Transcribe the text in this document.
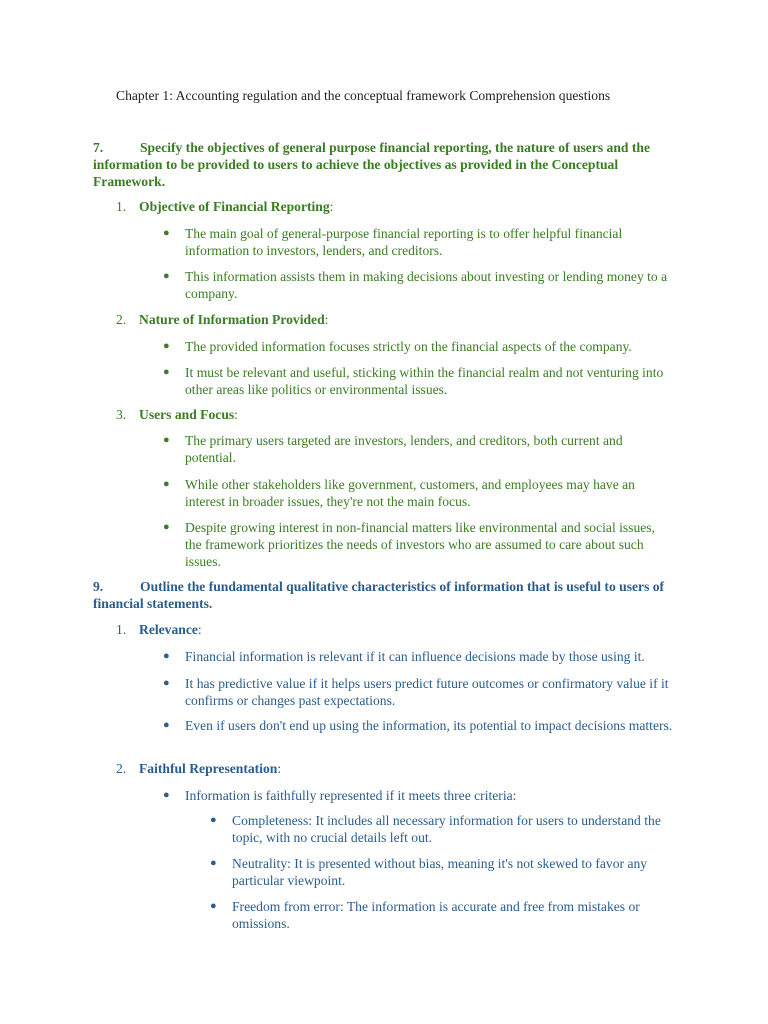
Chapter 1: Accounting regulation and the conceptual framework Comprehension questions
7.	Specify the objectives of general purpose financial reporting, the nature of users and the information to be provided to users to achieve the objectives as provided in the Conceptual Framework.
1. Objective of Financial Reporting:
●	The main goal of general-purpose financial reporting is to offer helpful financial information to investors, lenders, and creditors.
●	This information assists them in making decisions about investing or lending money to a company.
2. Nature of Information Provided:
●	The provided information focuses strictly on the financial aspects of the company.
●	It must be relevant and useful, sticking within the financial realm and not venturing into other areas like politics or environmental issues.
3. Users and Focus:
●	The primary users targeted are investors, lenders, and creditors, both current and potential.
●	While other stakeholders like government, customers, and employees may have an interest in broader issues, they're not the main focus.
●	Despite growing interest in non-financial matters like environmental and social issues, the framework prioritizes the needs of investors who are assumed to care about such issues.
9.	Outline the fundamental qualitative characteristics of information that is useful to users of financial statements.
1. Relevance:
●	Financial information is relevant if it can influence decisions made by those using it.
●	It has predictive value if it helps users predict future outcomes or confirmatory value if it confirms or changes past expectations.
●	Even if users don't end up using the information, its potential to impact decisions matters.
2. Faithful Representation:
●	Information is faithfully represented if it meets three criteria:
●	Completeness: It includes all necessary information for users to understand the topic, with no crucial details left out.
●	Neutrality: It is presented without bias, meaning it's not skewed to favor any particular viewpoint.
●	Freedom from error: The information is accurate and free from mistakes or omissions.
